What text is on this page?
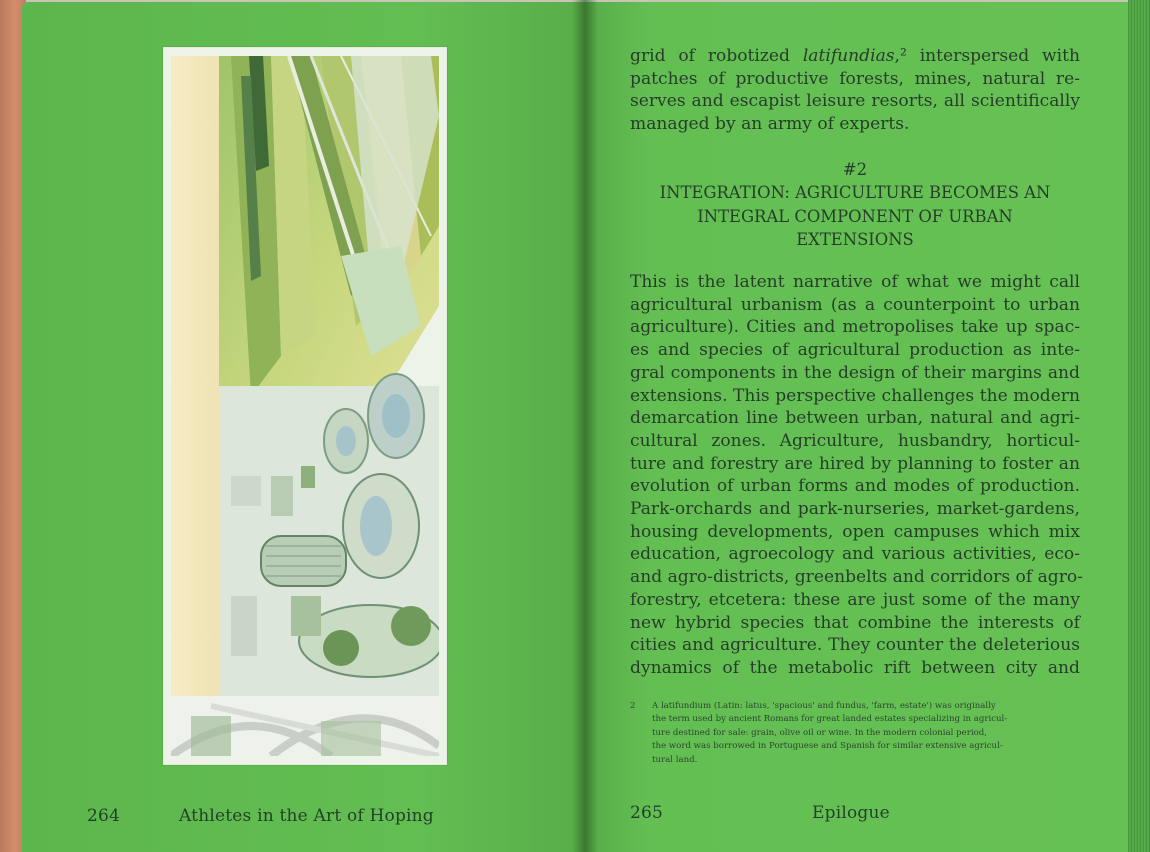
264	Athletes in the Art of Hoping
grid of robotized latifundias,² interspersed with
patches of productive forests, mines, natural re-
serves and escapist leisure resorts, all scientifically
managed by an army of experts.
#2
INTEGRATION: AGRICULTURE BECOMES AN
INTEGRAL COMPONENT OF URBAN
EXTENSIONS
This is the latent narrative of what we might call
agricultural urbanism (as a counterpoint to urban
agriculture). Cities and metropolises take up spac-
es and species of agricultural production as inte-
gral components in the design of their margins and
extensions. This perspective challenges the modern
demarcation line between urban, natural and agri-
cultural zones. Agriculture, husbandry, horticul-
ture and forestry are hired by planning to foster an
evolution of urban forms and modes of production.
Park-orchards and park-nurseries, market-gardens,
housing developments, open campuses which mix
education, agroecology and various activities, eco-
and agro-districts, greenbelts and corridors of agro-
forestry, etcetera: these are just some of the many
new hybrid species that combine the interests of
cities and agriculture. They counter the deleterious
dynamics of the metabolic rift between city and
2 A latifundium (Latin: latus, 'spacious' and fundus, 'farm, estate') was originally
the term used by ancient Romans for great landed estates specializing in agricul-
ture destined for sale: grain, olive oil or wine. In the modern colonial period,
the word was borrowed in Portuguese and Spanish for similar extensive agricul-
tural land.
265	Epilogue
